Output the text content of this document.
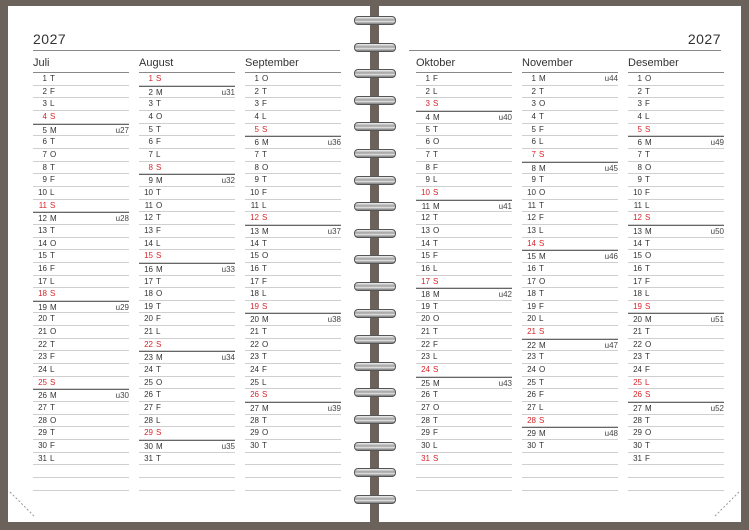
2027
Juli
1 T
2 F
3 L
4 S
5 M	u27
6 T
7 O
8 T
9 F
10 L
11 S
12 M	u28
13 T
14 O
15 T
16 F
17 L
18 S
19 M	u29
20 T
21 O
22 T
23 F
24 L
25 S
26 M	u30
27 T
28 O
29 T
30 F
31 L
August
1 S
2 M	u31
3 T
4 O
5 T
6 F
7 L
8 S
9 M	u32
10 T
11 O
12 T
13 F
14 L
15 S
16 M	u33
17 T
18 O
19 T
20 F
21 L
22 S
23 M	u34
24 T
25 O
26 T
27 F
28 L
29 S
30 M	u35
31 T
September
1 O
2 T
3 F
4 L
5 S
6 M	u36
7 T
8 O
9 T
10 F
11 L
12 S
13 M	u37
14 T
15 O
16 T
17 F
18 L
19 S
20 M	u38
21 T
22 O
23 T
24 F
25 L
26 S
27 M	u39
28 T
29 O
30 T
2027
Oktober
1 F
2 L
3 S
4 M	u40
5 T
6 O
7 T
8 F
9 L
10 S
11 M	u41
12 T
13 O
14 T
15 F
16 L
17 S
18 M	u42
19 T
20 O
21 T
22 F
23 L
24 S
25 M	u43
26 T
27 O
28 T
29 F
30 L
31 S
November
1 M	u44
2 T
3 O
4 T
5 F
6 L
7 S
8 M	u45
9 T
10 O
11 T
12 F
13 L
14 S
15 M	u46
16 T
17 O
18 T
19 F
20 L
21 S
22 M	u47
23 T
24 O
25 T
26 F
27 L
28 S
29 M	u48
30 T
Desember
1 O
2 T
3 F
4 L
5 S
6 M	u49
7 T
8 O
9 T
10 F
11 L
12 S
13 M	u50
14 T
15 O
16 T
17 F
18 L
19 S
20 M	u51
21 T
22 O
23 T
24 F
25 L
26 S
27 M	u52
28 T
29 O
30 T
31 F
